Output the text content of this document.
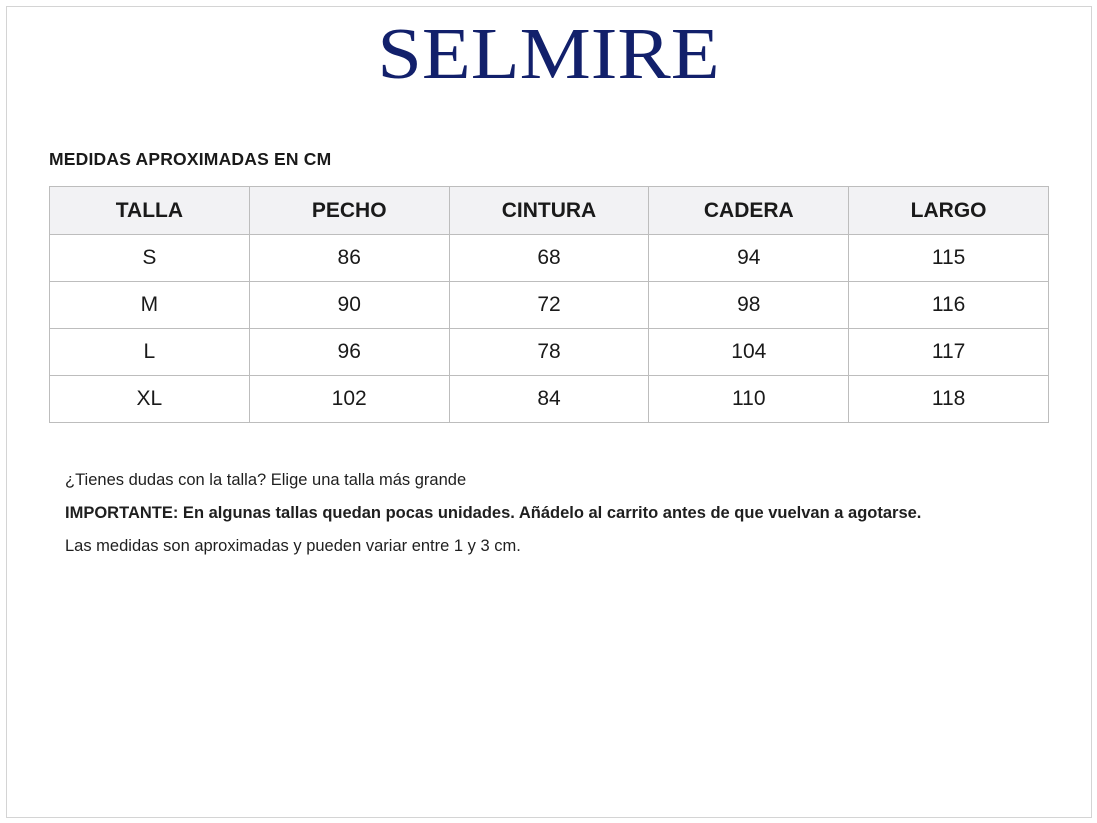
SELMIRE
MEDIDAS APROXIMADAS EN CM
TALLA	PECHO	CINTURA	CADERA	LARGO
S	86	68	94	115
M	90	72	98	116
L	96	78	104	117
XL	102	84	110	118

¿Tienes dudas con la talla? Elige una talla más grande

IMPORTANTE: En algunas tallas quedan pocas unidades. Añádelo al carrito antes de que vuelvan a agotarse.

Las medidas son aproximadas y pueden variar entre 1 y 3 cm.
